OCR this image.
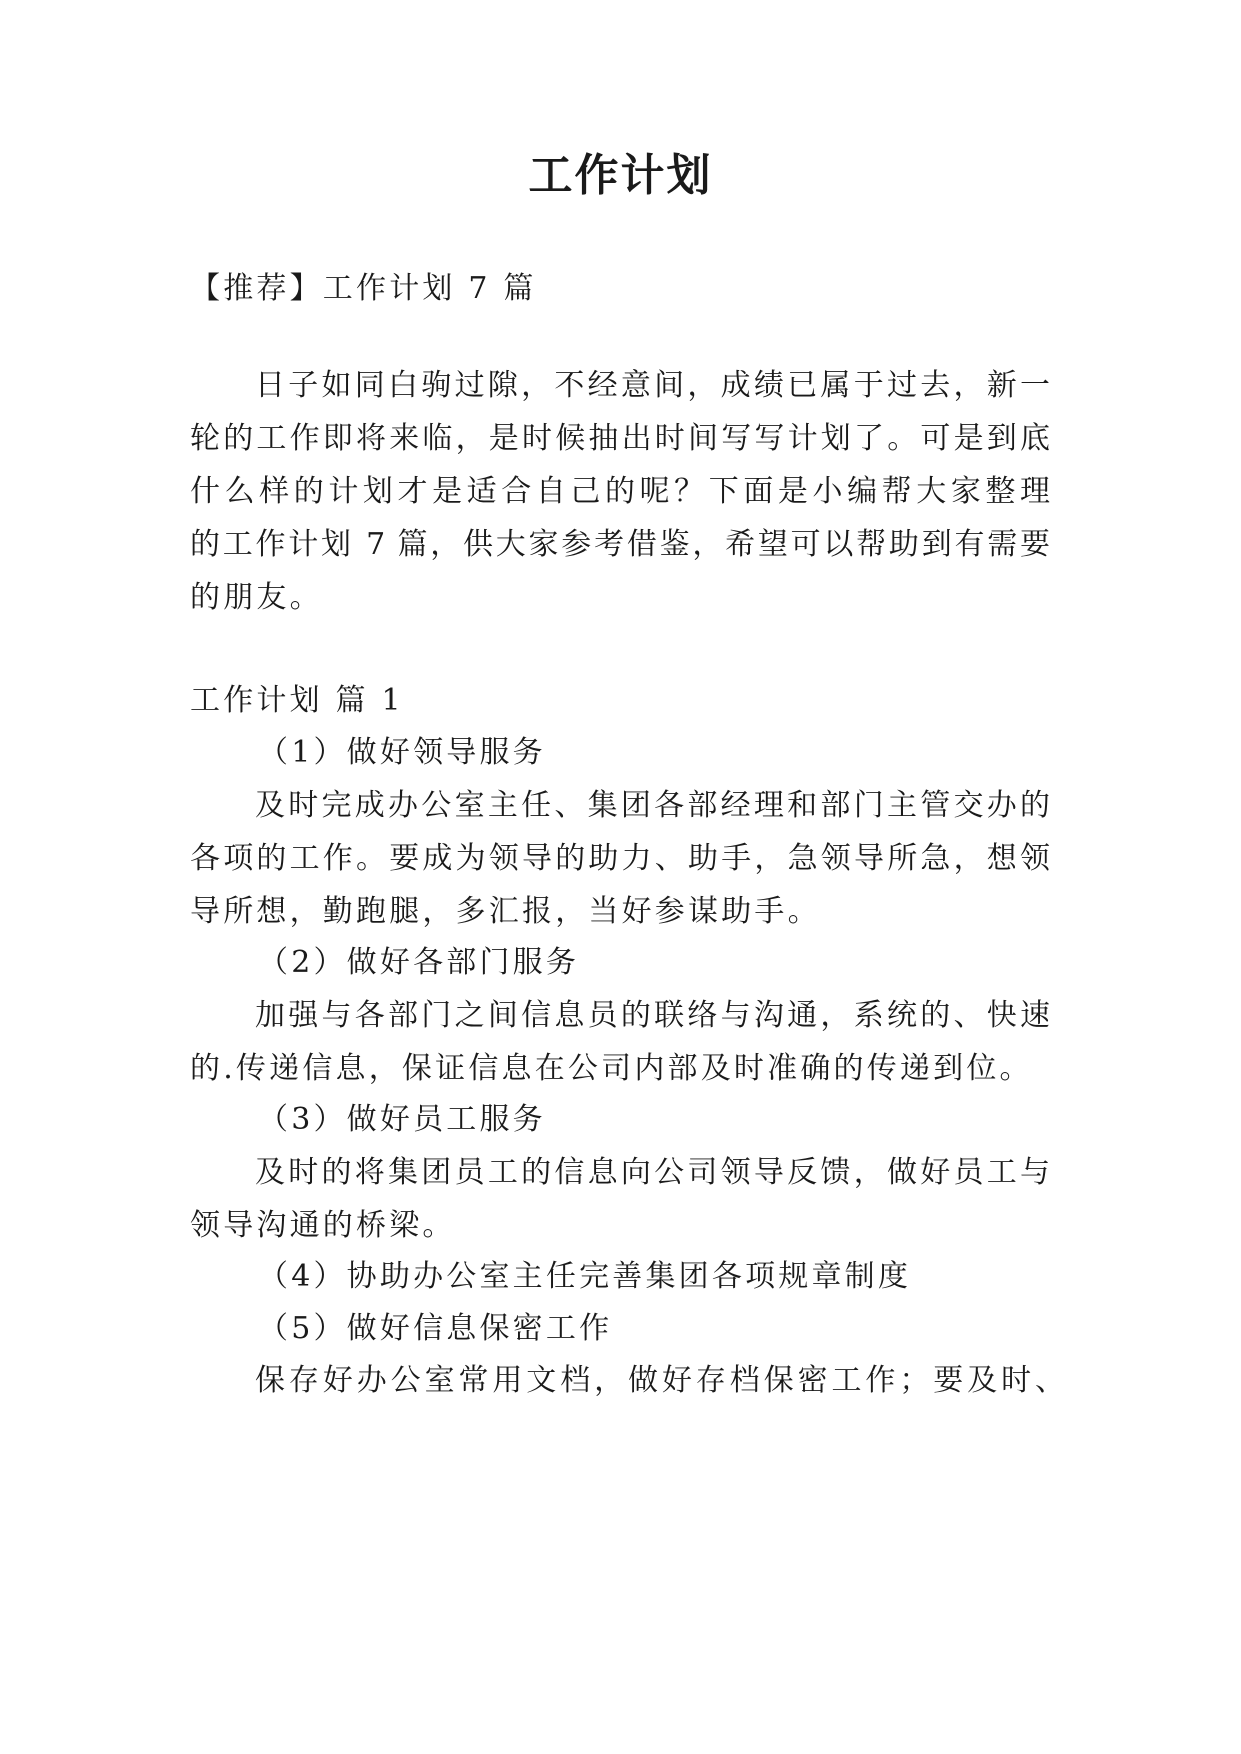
工作计划

【推荐】工作计划 7 篇

日子如同白驹过隙，不经意间，成绩已属于过去，新一

轮的工作即将来临，是时候抽出时间写写计划了。可是到底

什么样的计划才是适合自己的呢？下面是小编帮大家整理

的工作计划 7 篇，供大家参考借鉴，希望可以帮助到有需要

的朋友。

工作计划 篇 1

（1）做好领导服务

及时完成办公室主任、集团各部经理和部门主管交办的

各项的工作。要成为领导的助力、助手，急领导所急，想领

导所想，勤跑腿，多汇报，当好参谋助手。

（2）做好各部门服务

加强与各部门之间信息员的联络与沟通，系统的、快速

的.传递信息，保证信息在公司内部及时准确的传递到位。

（3）做好员工服务

及时的将集团员工的信息向公司领导反馈，做好员工与

领导沟通的桥梁。

（4）协助办公室主任完善集团各项规章制度

（5）做好信息保密工作

保存好办公室常用文档，做好存档保密工作；要及时、
